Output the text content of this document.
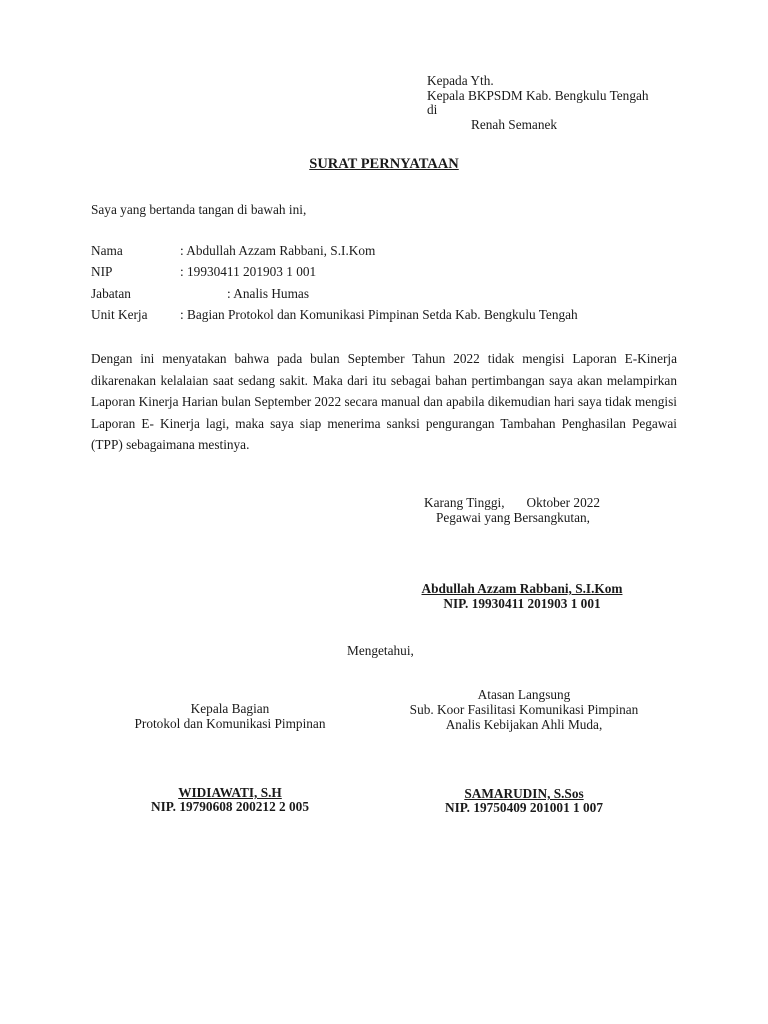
Kepada Yth.
Kepala BKPSDM Kab. Bengkulu Tengah
di
Renah Semanek
SURAT PERNYATAAN
Saya yang bertanda tangan di bawah ini,
Nama	: Abdullah Azzam Rabbani, S.I.Kom
NIP	: 19930411 201903 1 001
Jabatan	: Analis Humas
Unit Kerja : Bagian Protokol dan Komunikasi Pimpinan Setda Kab. Bengkulu Tengah
Dengan ini menyatakan bahwa pada bulan September Tahun 2022 tidak mengisi Laporan E-Kinerja dikarenakan kelalaian saat sedang sakit. Maka dari itu sebagai bahan pertimbangan saya akan melampirkan Laporan Kinerja Harian bulan September 2022 secara manual dan apabila dikemudian hari saya tidak mengisi Laporan E- Kinerja lagi, maka saya siap menerima sanksi pengurangan Tambahan Penghasilan Pegawai (TPP) sebagaimana mestinya.
Karang Tinggi, Oktober 2022
Pegawai yang Bersangkutan,
Abdullah Azzam Rabbani, S.I.Kom
NIP. 19930411 201903 1 001
Mengetahui,
Kepala Bagian
Protokol dan Komunikasi Pimpinan
WIDIAWATI, S.H
NIP. 19790608 200212 2 005
Atasan Langsung
Sub. Koor Fasilitasi Komunikasi Pimpinan
Analis Kebijakan Ahli Muda,
SAMARUDIN, S.Sos
NIP. 19750409 201001 1 007
